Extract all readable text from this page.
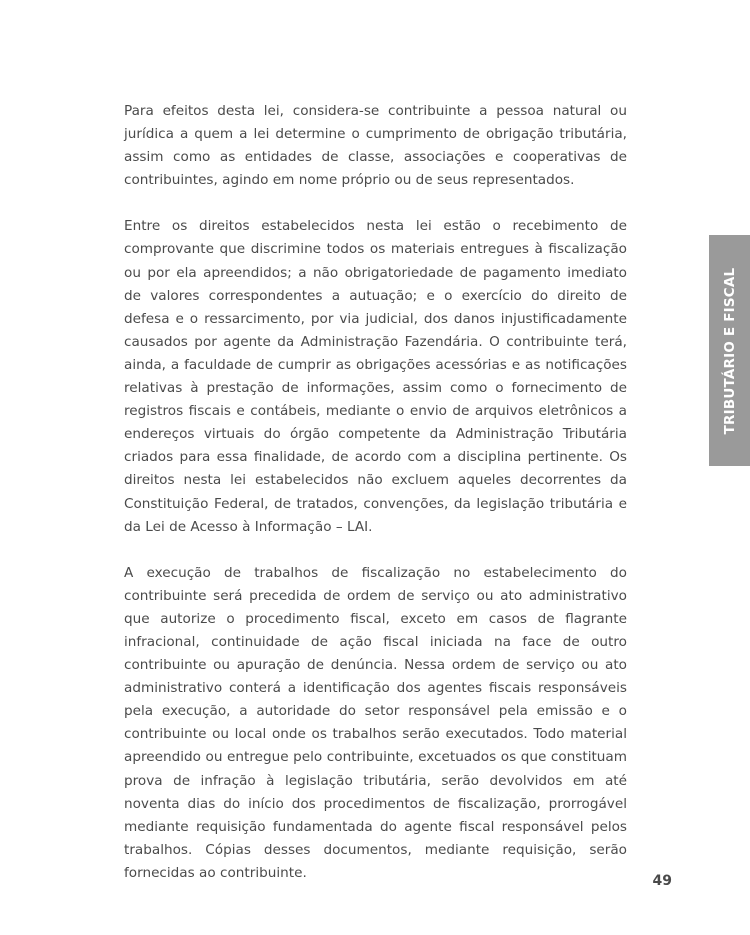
Para efeitos desta lei, considera-se contribuinte a pessoa natural ou jurídica a quem a lei determine o cumprimento de obrigação tributária, assim como as entidades de classe, associações e cooperativas de contribuintes, agindo em nome próprio ou de seus representados.

Entre os direitos estabelecidos nesta lei estão o recebimento de comprovante que discrimine todos os materiais entregues à fiscalização ou por ela apreendidos; a não obrigatoriedade de pagamento imediato de valores correspondentes a autuação; e o exercício do direito de defesa e o ressarcimento, por via judicial, dos danos injustificadamente causados por agente da Administração Fazendária. O contribuinte terá, ainda, a faculdade de cumprir as obrigações acessórias e as notificações relativas à prestação de informações, assim como o fornecimento de registros fiscais e contábeis, mediante o envio de arquivos eletrônicos a endereços virtuais do órgão competente da Administração Tributária criados para essa finalidade, de acordo com a disciplina pertinente. Os direitos nesta lei estabelecidos não excluem aqueles decorrentes da Constituição Federal, de tratados, convenções, da legislação tributária e da Lei de Acesso à Informação – LAI.

A execução de trabalhos de fiscalização no estabelecimento do contribuinte será precedida de ordem de serviço ou ato administrativo que autorize o procedimento fiscal, exceto em casos de flagrante infracional, continuidade de ação fiscal iniciada na face de outro contribuinte ou apuração de denúncia. Nessa ordem de serviço ou ato administrativo conterá a identificação dos agentes fiscais responsáveis pela execução, a autoridade do setor responsável pela emissão e o contribuinte ou local onde os trabalhos serão executados. Todo material apreendido ou entregue pelo contribuinte, excetuados os que constituam prova de infração à legislação tributária, serão devolvidos em até noventa dias do início dos procedimentos de fiscalização, prorrogável mediante requisição fundamentada do agente fiscal responsável pelos trabalhos. Cópias desses documentos, mediante requisição, serão fornecidas ao contribuinte.

TRIBUTÁRIO E FISCAL
49
